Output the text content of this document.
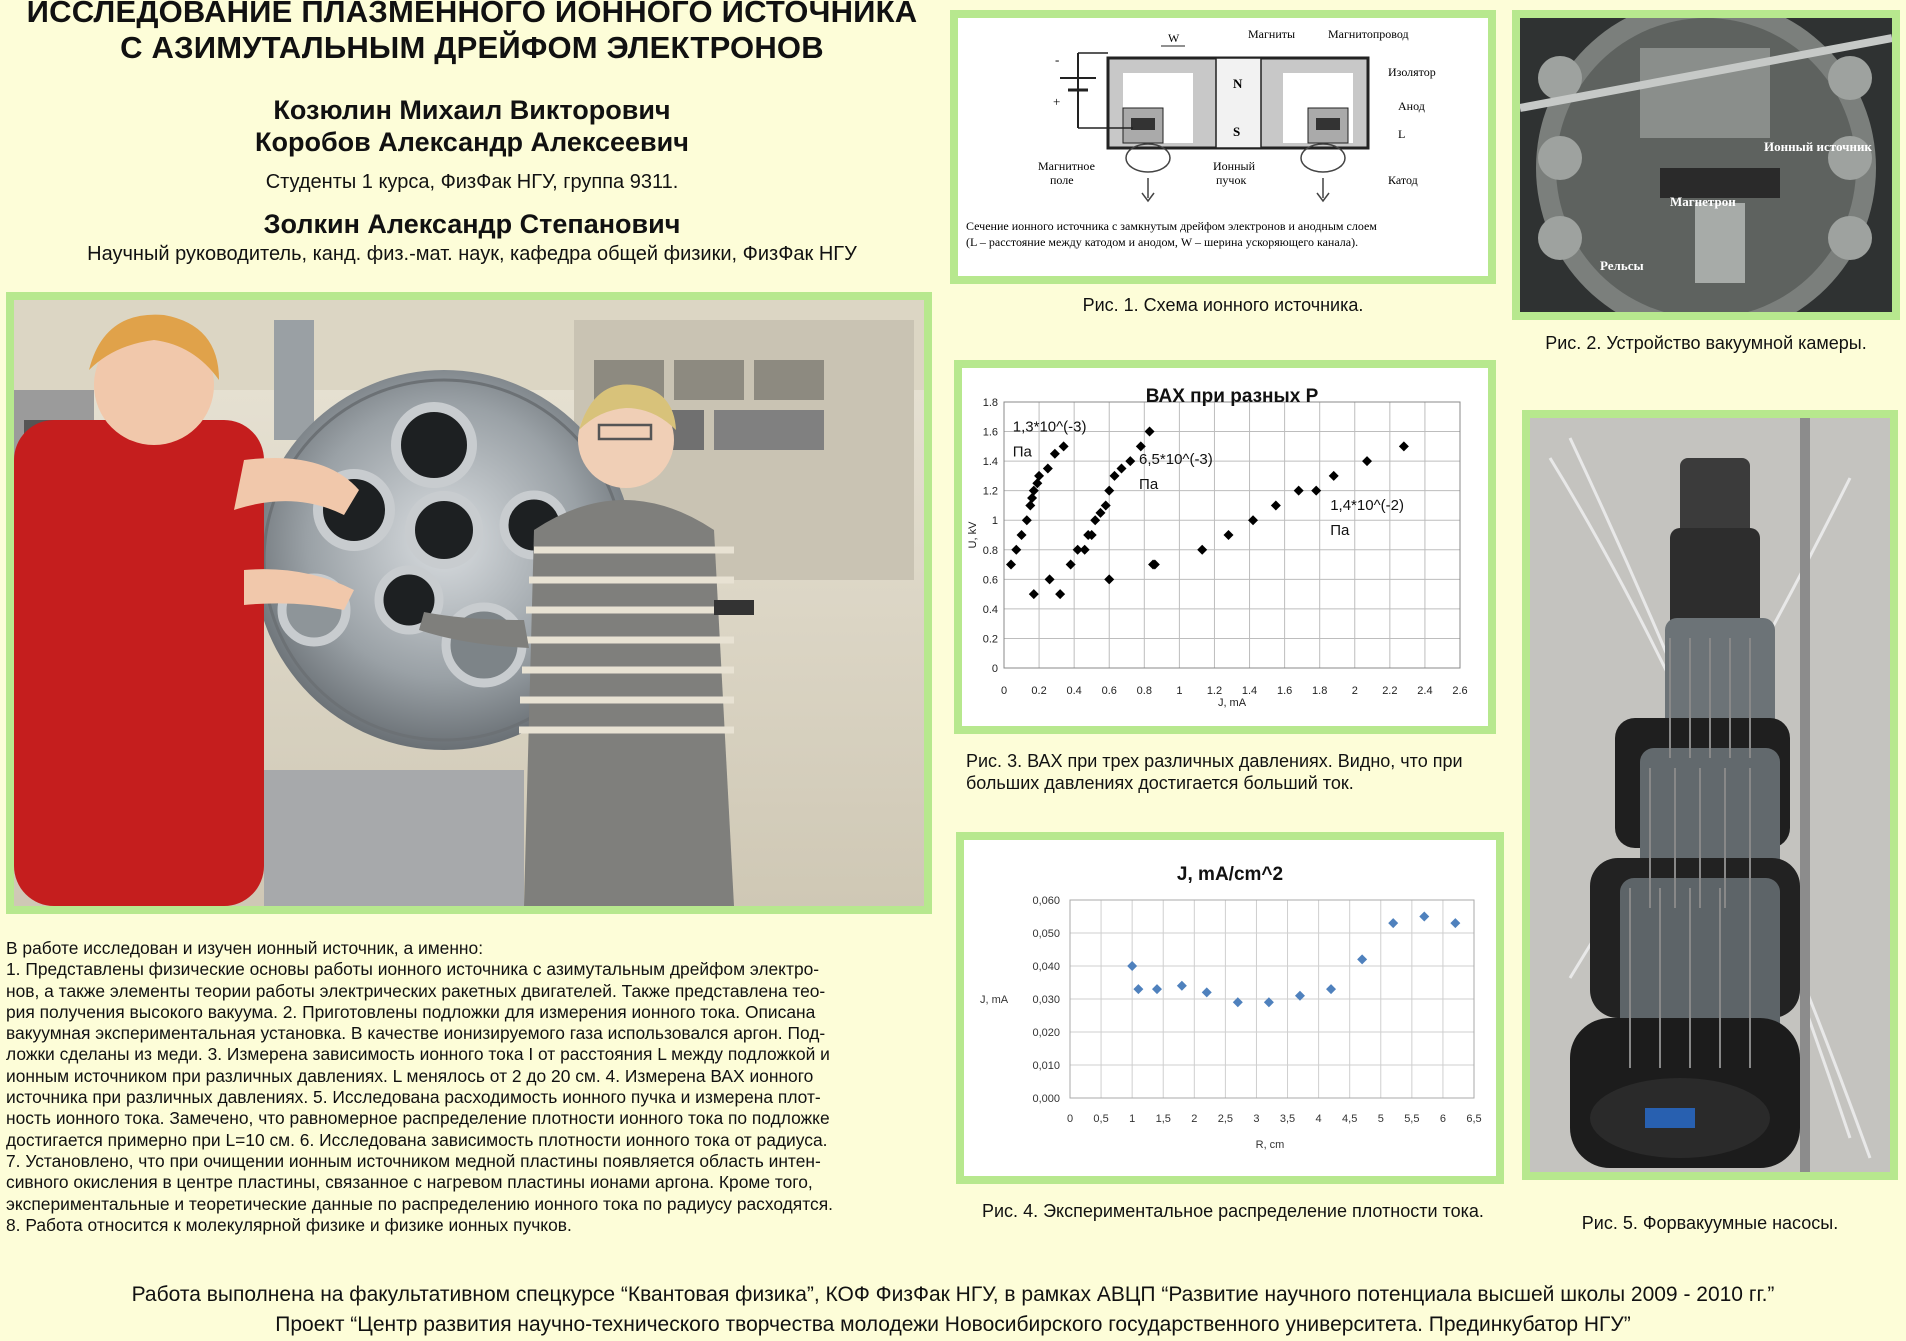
ИССЛЕДОВАНИЕ ПЛАЗМЕННОГО ИОННОГО ИСТОЧНИКА
С АЗИМУТАЛЬНЫМ ДРЕЙФОМ ЭЛЕКТРОНОВ
Козюлин Михаил Викторович
Коробов Александр Алексеевич
Студенты 1 курса, ФизФак НГУ, группа 9311.
Золкин Александр Степанович
Научный руководитель, канд. физ.-мат. наук, кафедра общей физики, ФизФак НГУ
В работе исследован и изучен ионный источник, а именно:
1. Представлены физические основы работы ионного источника с азимутальным дрейфом электро-
нов, а также элементы теории работы электрических ракетных двигателей. Также представлена тео-
рия получения высокого вакуума. 2. Приготовлены подложки для измерения ионного тока. Описана
вакуумная экспериментальная установка. В качестве ионизируемого газа использовался аргон. Под-
ложки сделаны из меди. 3. Измерена зависимость ионного тока I от расстояния L между подложкой и
ионным источником при различных давлениях. L менялось от 2 до 20 см. 4. Измерена ВАХ ионного
источника при различных давлениях. 5. Исследована расходимость ионного пучка и измерена плот-
ность ионного тока. Замечено, что равномерное распределение плотности ионного тока по подложке
достигается примерно при L=10 см. 6. Исследована зависимость плотности ионного тока от радиуса.
7. Установлено, что при очищении ионным источником медной пластины появляется область интен-
сивного окисления в центре пластины, связанное с нагревом пластины ионами аргона. Кроме того,
экспериментальные и теоретические данные по распределению ионного тока по радиусу расходятся.
8. Работа относится к молекулярной физике и физике ионных пучков.
W
+
-
N
S
Магниты	Магнитопровод
Изолятор
Анод
L
Катод
Магнитное
поле
Ионный
пучок
Сечение ионного источника с замкнутым дрейфом электронов и анодным слоем
(L – расстояние между катодом и анодом, W – шерина ускоряющего канала).
Рис. 1. Схема ионного источника.
Ионный источник
Магнетрон
Рельсы
Рис. 2. Устройство вакуумной камеры.
0
0.2
0.4
0.6
0.8
1
1.2
1.4
1.6
1.8
0 0.2 0.4 0.6 0.8 1 1.2 1.4 1.6 1.8 2 2.2 2.4 2.6
ВАХ при разных Р
J, mA
U, kV
1,3*10^(-3)
Па	6,5*10^(-3)
Па
1,4*10^(-2)
Па
Рис. 3. ВАХ при трех различных давлениях. Видно, что при больших давлениях достигается больший ток.
0,000
0,010
0,020
0,030
0,040
0,050
0,060
0 0,5 1 1,5 2 2,5 3 3,5 4 4,5 5 5,5 6 6,5
J, mA/cm^2
R, cm
J, mA
Рис. 4. Экспериментальное распределение плотности тока.
Рис. 5. Форвакуумные насосы.
Работа выполнена на факультативном спецкурсе “Квантовая физика”, КОФ ФизФак НГУ, в рамках АВЦП “Развитие научного потенциала высшей школы 2009 - 2010 гг.”
Проект “Центр развития научно-технического творчества молодежи Новосибирского государственного университета. Прединкубатор НГУ”
